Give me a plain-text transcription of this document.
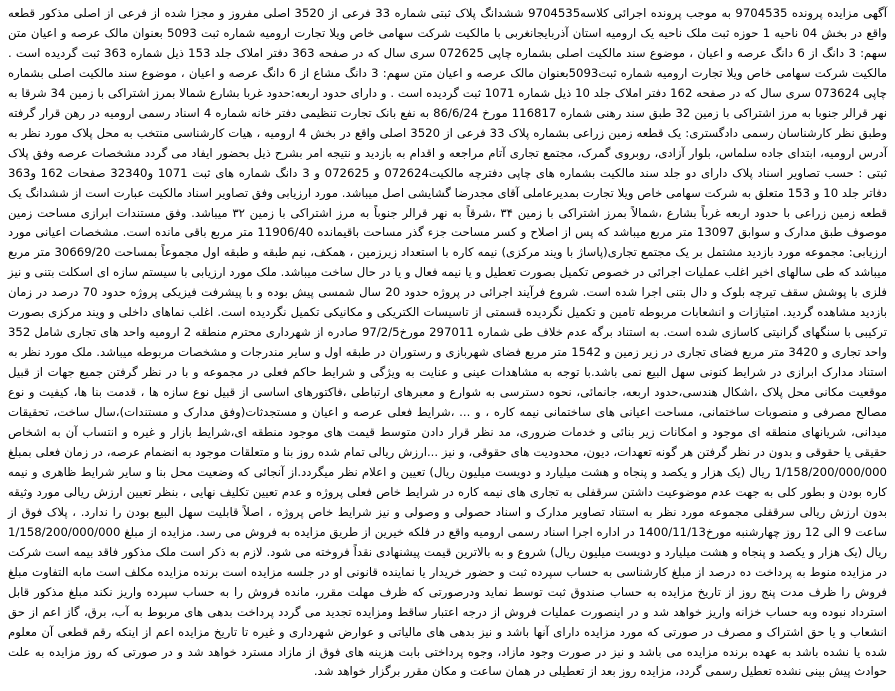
آگهی مزایده پرونده 9704535 به موجب پرونده اجرائی کلاسه9704535 ششدانگ پلاک ثبتی شماره 33 فرعی از 3520 اصلی مفروز و مجزا شده از فرعی از اصلی مذکور قطعه واقع در بخش 04 ناحیه 1 حوزه ثبت ملک ناحیه یک ارومیه استان آذربایجانغربی با مالکیت شرکت سهامی خاص ویلا تجارت ارومیه شماره ثبت 5093 بعنوان مالک عرصه و اعیان متن سهم: 3 دانگ از 6 دانگ عرصه و اعیان ، موضوع سند مالکیت اصلی بشماره چاپی 072625 سری سال که در صفحه 363 دفتر املاک جلد 153 ذیل شماره 363 ثبت گردیده است . مالکیت شرکت سهامی خاص ویلا تجارت ارومیه شماره ثبت5093بعنوان مالک عرصه و اعیان متن سهم: 3 دانگ مشاع از 6 دانگ عرصه و اعیان ، موضوع سند مالکیت اصلی بشماره چاپی 073624 سری سال که در صفحه 162 دفتر املاک جلد 10 ذیل شماره 1071 ثبت گردیده است . و دارای حدود اربعه:حدود غربا بشارع شمالا بمرز اشتراکی با زمین 34 شرقا به نهر قرالر جنوبا به مرز اشتراکی با زمین 32 طبق سند رهنی شماره 116817 مورخ 86/6/24 به نفع بانک تجارت تنظیمی دفتر خانه شماره 4 اسناد رسمی ارومیه در رهن قرار گرفته وطبق نظر کارشناسان رسمی دادگستری: یک قطعه زمین زراعی بشماره پلاک 33 فرعی از 3520 اصلی واقع در بخش 4 ارومیه ، هیات کارشناسی منتخب به محل پلاک مورد نظر به آدرس ارومیه، ابتدای جاده سلماس، بلوار آزادی، روبروی گمرک، مجتمع تجاری آتام مراجعه و اقدام به بازدید و نتیجه امر بشرح ذیل بحضور ایفاد می گردد مشخصات عرصه وفق پلاک ثبتی : حسب تصاویر اسناد پلاک دارای دو جلد سند مالکیت بشماره های چاپی دفترچه مالکیت072624 و 072625 و 3 دانگ شماره های ثبت 1071 و32340 صفحات 162 و363 دفاتر جلد 10 و 153 متعلق به شرکت سهامی خاص ویلا تجارت بمدیرعاملی آقای مجدرضا گشایشی اصل میباشد. مورد ارزیابی وفق تصاویر اسناد مالکیت عبارت است از ششدانگ یک قطعه زمین زراعی با حدود اربعه غرباً بشارع ،شمالاً بمرز اشتراکی با زمین ۳۴ ،شرقاً به نهر قرالر جنوباً به مرز اشتراکی با زمین ۳۲ میباشد. وفق مستندات ابرازی مساحت زمین موصوف طبق مدارک و سوابق 13097 متر مربع میباشد که پس از اصلاح و کسر مساحت جزء گذر مساحت باقیمانده 11906/40 متر مربع باقی مانده است. مشخصات اعیانی مورد ارزیابی: مجموعه مورد بازدید مشتمل بر یک مجتمع تجاری(پاساژ با ویند مرکزی) نیمه کاره با استعداد زیرزمین ، همکف، نیم طبقه و طبقه اول مجموعاً بمساحت 30669/20 متر مربع میباشد که طی سالهای اخیر اغلب عملیات اجرائی در خصوص تکمیل بصورت تعطیل و یا نیمه فعال و یا در حال ساخت میباشد. ملک مورد ارزیابی با سیستم سازه ای اسکلت بتنی و نیز فلزی با پوشش سقف تیرچه بلوک و دال بتنی اجرا شده است. شروع فرآیند اجرائی در پروژه حدود 20 سال شمسی پیش بوده و با پیشرفت فیزیکی پروژه حدود 70 درصد در زمان بازدید مشاهده گردید. امتیازات و انشعابات مربوطه تامین و تکمیل نگردیده قسمتی از تاسیسات الکتریکی و مکانیکی تکمیل نگردیده است. اغلب نماهای داخلی و ویند مرکزی بصورت ترکیبی با سنگهای گرانیتی کاسازی شده است. به استناد برگه عدم خلاف طی شماره 297011 مورخ97/2/5 صادره از شهرداری محترم منطقه 2 ارومیه واحد های تجاری شامل 352 واحد تجاری و 3420 متر مربع فضای تجاری در زیر زمین و 1542 متر مربع فضای شهربازی و رستوران در طبقه اول و سایر مندرجات و مشخصات مربوطه میباشد. ملک مورد نظر به استناد مدارک ابرازی در شرایط کنونی سهل البیع نمی باشد.با توجه به مشاهدات عینی و عنایت به ویژگی و شرایط حاکم فعلی در مجموعه و با در نظر گرفتن جمیع جهات از قبیل موقعیت مکانی محل پلاک ،اشکال هندسی،حدود اربعه، جانمائی، نحوه دسترسی به شوارع و معبرهای ارتباطی ،فاکتورهای اساسی از قبیل نوع سازه ها ، قدمت بنا ها، کیفیت و نوع مصالح مصرفی و منصوبات ساختمانی، مساحت اعیانی های ساختمانی نیمه کاره ، و ... ،شرایط فعلی عرصه و اعیان و مستجدثات(وفق مدارک و مستندات)،سال ساخت، تحقیقات میدانی، شریانهای منطقه ای موجود و امکانات زیر بنائی و خدمات ضروری، مد نظر قرار دادن متوسط قیمت های موجود منطقه ای،شرایط بازار و غیره و انتساب آن به اشخاص حقیقی یا حقوقی و بدون در نظر گرفتن هر گونه تعهدات، دیون، محدودیت های حقوقی، و نیز ...ارزش ریالی تمام شده روز بنا و متعلقات موجود به انضمام عرصه، در زمان فعلی بمبلغ 1/158/200/000/000 ریال (یک هزار و یکصد و پنجاه و هشت میلیارد و دویست میلیون ریال) تعیین و اعلام نظر میگردد.از آنجائی که وضعیت محل بنا و سایر شرایط ظاهری و نیمه کاره بودن و بطور کلی به جهت عدم موضوعیت داشتن سرقفلی به تجاری های نیمه کاره در شرایط خاص فعلی پروژه و عدم تعیین تکلیف نهایی ، بنظر تعیین ارزش ریالی مورد وثیقه بدون ارزش ریالی سرقفلی مجموعه مورد نظر به استناد تصاویر مدارک و اسناد حصولی و وصولی و نیز شرایط خاص پروژه ، اصلاً قابلیت سهل البیع بودن را ندارد. ، پلاک فوق از ساعت 9 الی 12 روز چهارشنبه مورخ1400/11/13 در اداره اجرا اسناد رسمی ارومیه واقع در فلکه خیرین از طریق مزایده به فروش می رسد. مزایده از مبلغ 1/158/200/000/000 ریال (یک هزار و یکصد و پنجاه و هشت میلیارد و دویست میلیون ریال) شروع و به بالاترین قیمت پیشنهادی نقداً فروخته می شود. لازم به ذکر است ملک مذکور فاقد بیمه است شرکت در مزایده منوط به پرداخت ده درصد از مبلغ کارشناسی به حساب سپرده ثبت و حضور خریدار یا نماینده قانونی او در جلسه مزایده است برنده مزایده مکلف است مابه التفاوت مبلغ فروش را ظرف مدت پنج روز از تاریخ مزایده به حساب صندوق ثبت توسط نماید ودرصورتی که ظرف مهلت مقرر، مانده فروش را به حساب سپرده واریز نکند مبلغ مذکور قابل استرداد نبوده وبه حساب خزانه واریز خواهد شد و در اینصورت عملیات فروش از درجه اعتبار ساقط ومزایده تجدید می گردد پرداخت بدهی های مربوط به آب، برق، گاز اعم از حق انشعاب و یا حق اشتراک و مصرف در صورتی که مورد مزایده دارای آنها باشد و نیز بدهی های مالیاتی و عوارض شهرداری و غیره تا تاریخ مزایده اعم از اینکه رقم قطعی آن معلوم شده یا نشده باشد به عهده برنده مزایده می باشد و نیز در صورت وجود مازاد، وجوه پرداختی بابت هزینه های فوق از مازاد مسترد خواهد شد و در صورتی که روز مزایده به علت حوادث پیش بینی نشده تعطیل رسمی گردد، مزایده روز بعد از تعطیلی در همان ساعت و مکان مقرر برگزار خواهد شد.
